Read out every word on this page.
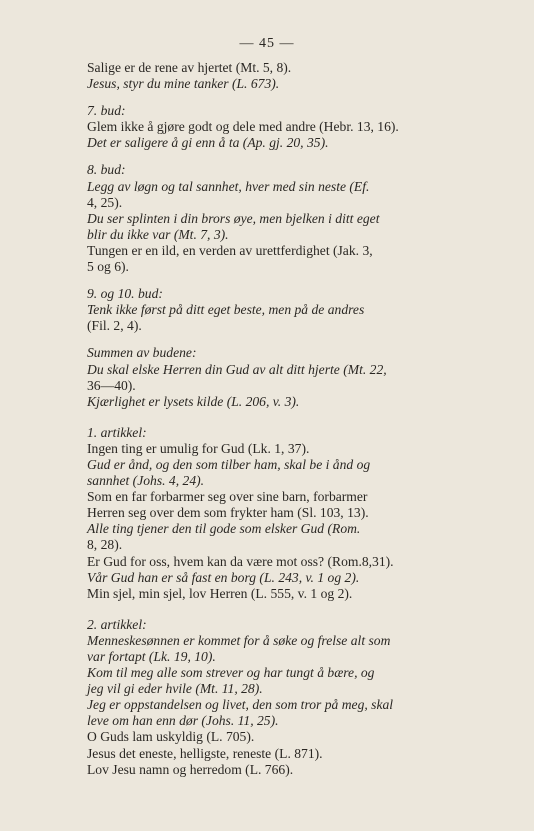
— 45 —
Salige er de rene av hjertet (Mt. 5, 8).
Jesus, styr du mine tanker (L. 673).
7. bud:
Glem ikke å gjøre godt og dele med andre (Hebr. 13, 16).
Det er saligere å gi enn å ta (Ap. gj. 20, 35).
8. bud:
Legg av løgn og tal sannhet, hver med sin neste (Ef.
4, 25).
Du ser splinten i din brors øye, men bjelken i ditt eget
blir du ikke var (Mt. 7, 3).
Tungen er en ild, en verden av urettferdighet (Jak. 3,
5 og 6).
9. og 10. bud:
Tenk ikke først på ditt eget beste, men på de andres
(Fil. 2, 4).
Summen av budene:
Du skal elske Herren din Gud av alt ditt hjerte (Mt. 22,
36—40).
Kjærlighet er lysets kilde (L. 206, v. 3).
1. artikkel:
Ingen ting er umulig for Gud (Lk. 1, 37).
Gud er ånd, og den som tilber ham, skal be i ånd og
sannhet (Johs. 4, 24).
Som en far forbarmer seg over sine barn, forbarmer
Herren seg over dem som frykter ham (Sl. 103, 13).
Alle ting tjener den til gode som elsker Gud (Rom.
8, 28).
Er Gud for oss, hvem kan da være mot oss? (Rom.8,31).
Vår Gud han er så fast en borg (L. 243, v. 1 og 2).
Min sjel, min sjel, lov Herren (L. 555, v. 1 og 2).
2. artikkel:
Menneskesønnen er kommet for å søke og frelse alt som
var fortapt (Lk. 19, 10).
Kom til meg alle som strever og har tungt å bære, og
jeg vil gi eder hvile (Mt. 11, 28).
Jeg er oppstandelsen og livet, den som tror på meg, skal
leve om han enn dør (Johs. 11, 25).
O Guds lam uskyldig (L. 705).
Jesus det eneste, helligste, reneste (L. 871).
Lov Jesu namn og herredom (L. 766).
